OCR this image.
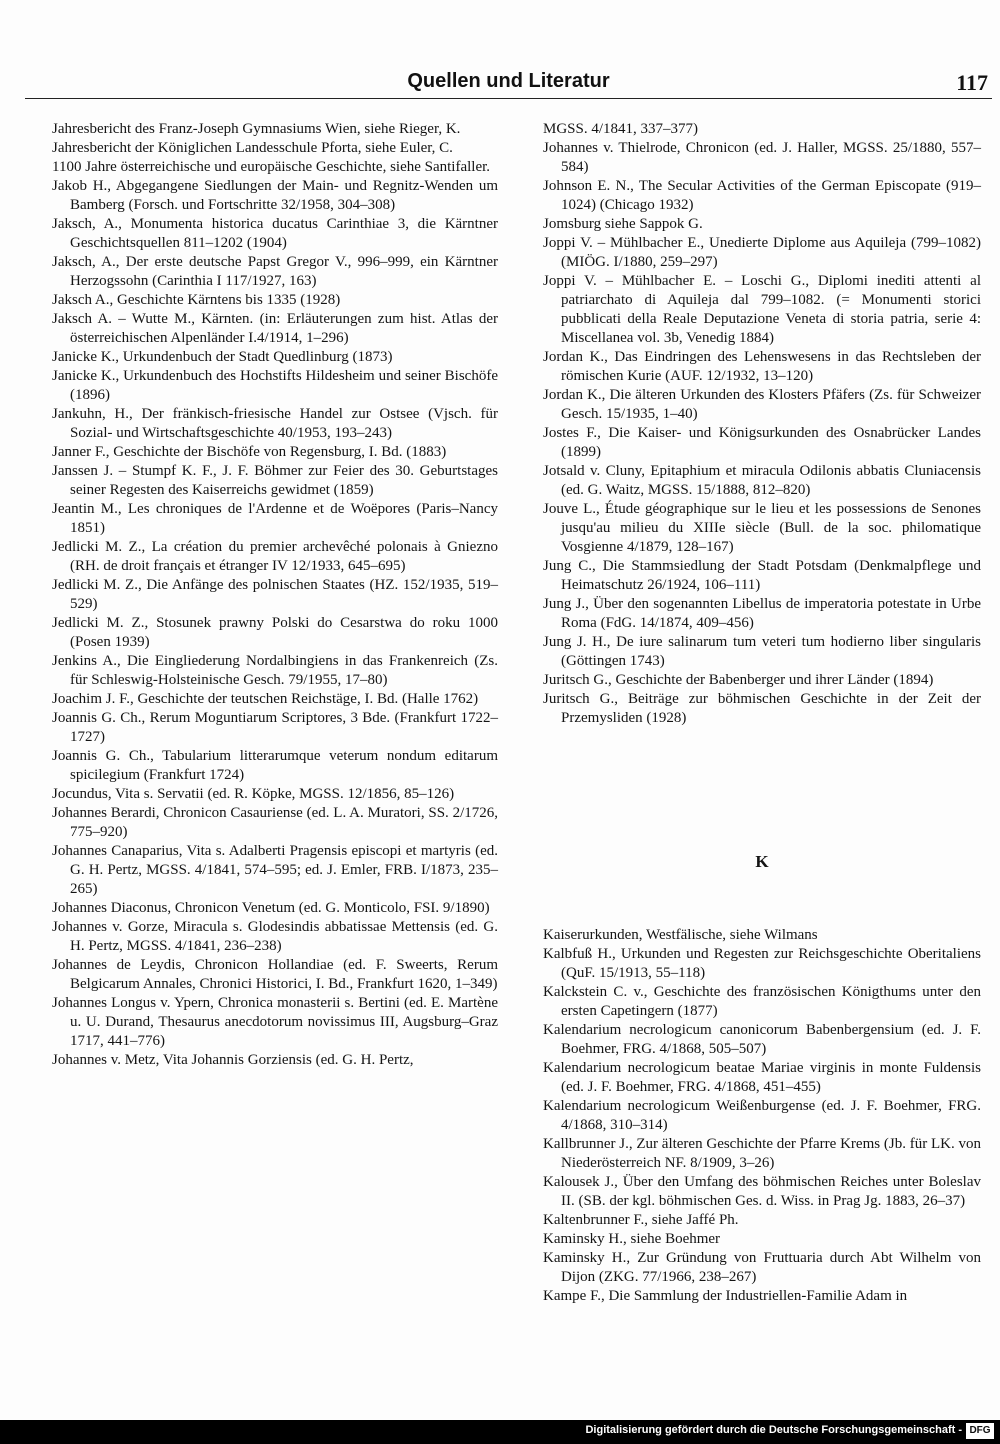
Quellen und Literatur	117

Jahresbericht des Franz-Joseph Gymnasiums Wien, siehe Rieger, K.

Jahresbericht der Königlichen Landesschule Pforta, siehe Euler, C.

1100 Jahre österreichische und europäische Geschichte, siehe Santifaller.

Jakob H., Abgegangene Siedlungen der Main- und Regnitz-Wenden um Bamberg (Forsch. und Fortschritte 32/1958, 304–308)

Jaksch, A., Monumenta historica ducatus Carinthiae 3, die Kärntner Geschichtsquellen 811–1202 (1904)

Jaksch, A., Der erste deutsche Papst Gregor V., 996–999, ein Kärntner Herzogssohn (Carinthia I 117/1927, 163)

Jaksch A., Geschichte Kärntens bis 1335 (1928)

Jaksch A. – Wutte M., Kärnten. (in: Erläuterungen zum hist. Atlas der österreichischen Alpenländer I.4/1914, 1–296)

Janicke K., Urkundenbuch der Stadt Quedlinburg (1873)

Janicke K., Urkundenbuch des Hochstifts Hildesheim und seiner Bischöfe (1896)

Jankuhn, H., Der fränkisch-friesische Handel zur Ostsee (Vjsch. für Sozial- und Wirtschaftsgeschichte 40/1953, 193–243)

Janner F., Geschichte der Bischöfe von Regensburg, I. Bd. (1883)

Janssen J. – Stumpf K. F., J. F. Böhmer zur Feier des 30. Geburtstages seiner Regesten des Kaiserreichs gewidmet (1859)

Jeantin M., Les chroniques de l'Ardenne et de Woëpores (Paris–Nancy 1851)

Jedlicki M. Z., La création du premier archevêché polonais à Gniezno (RH. de droit français et étranger IV 12/1933, 645–695)

Jedlicki M. Z., Die Anfänge des polnischen Staates (HZ. 152/1935, 519–529)

Jedlicki M. Z., Stosunek prawny Polski do Cesarstwa do roku 1000 (Posen 1939)

Jenkins A., Die Eingliederung Nordalbingiens in das Frankenreich (Zs. für Schleswig-Holsteinische Gesch. 79/1955, 17–80)

Joachim J. F., Geschichte der teutschen Reichstäge, I. Bd. (Halle 1762)

Joannis G. Ch., Rerum Moguntiarum Scriptores, 3 Bde. (Frankfurt 1722–1727)

Joannis G. Ch., Tabularium litterarumque veterum nondum editarum spicilegium (Frankfurt 1724)

Jocundus, Vita s. Servatii (ed. R. Köpke, MGSS. 12/1856, 85–126)

Johannes Berardi, Chronicon Casauriense (ed. L. A. Muratori, SS. 2/1726, 775–920)

Johannes Canaparius, Vita s. Adalberti Pragensis episcopi et martyris (ed. G. H. Pertz, MGSS. 4/1841, 574–595; ed. J. Emler, FRB. I/1873, 235–265)

Johannes Diaconus, Chronicon Venetum (ed. G. Monticolo, FSI. 9/1890)

Johannes v. Gorze, Miracula s. Glodesindis abbatissae Mettensis (ed. G. H. Pertz, MGSS. 4/1841, 236–238)

Johannes de Leydis, Chronicon Hollandiae (ed. F. Sweerts, Rerum Belgicarum Annales, Chronici Historici, I. Bd., Frankfurt 1620, 1–349)

Johannes Longus v. Ypern, Chronica monasterii s. Bertini (ed. E. Martène u. U. Durand, Thesaurus anecdotorum novissimus III, Augsburg–Graz 1717, 441–776)

Johannes v. Metz, Vita Johannis Gorziensis (ed. G. H. Pertz,

MGSS. 4/1841, 337–377)

Johannes v. Thielrode, Chronicon (ed. J. Haller, MGSS. 25/1880, 557–584)

Johnson E. N., The Secular Activities of the German Episcopate (919–1024) (Chicago 1932)

Jomsburg siehe Sappok G.

Joppi V. – Mühlbacher E., Unedierte Diplome aus Aquileja (799–1082) (MIÖG. I/1880, 259–297)

Joppi V. – Mühlbacher E. – Loschi G., Diplomi inediti attenti al patriarchato di Aquileja dal 799–1082. (= Monumenti storici pubblicati della Reale Deputazione Veneta di storia patria, serie 4: Miscellanea vol. 3b, Venedig 1884)

Jordan K., Das Eindringen des Lehenswesens in das Rechtsleben der römischen Kurie (AUF. 12/1932, 13–120)

Jordan K., Die älteren Urkunden des Klosters Pfäfers (Zs. für Schweizer Gesch. 15/1935, 1–40)

Jostes F., Die Kaiser- und Königsurkunden des Osnabrücker Landes (1899)

Jotsald v. Cluny, Epitaphium et miracula Odilonis abbatis Cluniacensis (ed. G. Waitz, MGSS. 15/1888, 812–820)

Jouve L., Étude géographique sur le lieu et les possessions de Senones jusqu'au milieu du XIIIe siècle (Bull. de la soc. philomatique Vosgienne 4/1879, 128–167)

Jung C., Die Stammsiedlung der Stadt Potsdam (Denkmalpflege und Heimatschutz 26/1924, 106–111)

Jung J., Über den sogenannten Libellus de imperatoria potestate in Urbe Roma (FdG. 14/1874, 409–456)

Jung J. H., De iure salinarum tum veteri tum hodierno liber singularis (Göttingen 1743)

Juritsch G., Geschichte der Babenberger und ihrer Länder (1894)

Juritsch G., Beiträge zur böhmischen Geschichte in der Zeit der Przemysliden (1928)

K

Kaiserurkunden, Westfälische, siehe Wilmans

Kalbfuß H., Urkunden und Regesten zur Reichsgeschichte Oberitaliens (QuF. 15/1913, 55–118)

Kalckstein C. v., Geschichte des französischen Königthums unter den ersten Capetingern (1877)

Kalendarium necrologicum canonicorum Babenbergensium (ed. J. F. Boehmer, FRG. 4/1868, 505–507)

Kalendarium necrologicum beatae Mariae virginis in monte Fuldensis (ed. J. F. Boehmer, FRG. 4/1868, 451–455)

Kalendarium necrologicum Weißenburgense (ed. J. F. Boehmer, FRG. 4/1868, 310–314)

Kallbrunner J., Zur älteren Geschichte der Pfarre Krems (Jb. für LK. von Niederösterreich NF. 8/1909, 3–26)

Kalousek J., Über den Umfang des böhmischen Reiches unter Boleslav II. (SB. der kgl. böhmischen Ges. d. Wiss. in Prag Jg. 1883, 26–37)

Kaltenbrunner F., siehe Jaffé Ph.

Kaminsky H., siehe Boehmer

Kaminsky H., Zur Gründung von Fruttuaria durch Abt Wilhelm von Dijon (ZKG. 77/1966, 238–267)

Kampe F., Die Sammlung der Industriellen-Familie Adam in

Digitalisierung gefördert durch die Deutsche Forschungsgemeinschaft - DFG
